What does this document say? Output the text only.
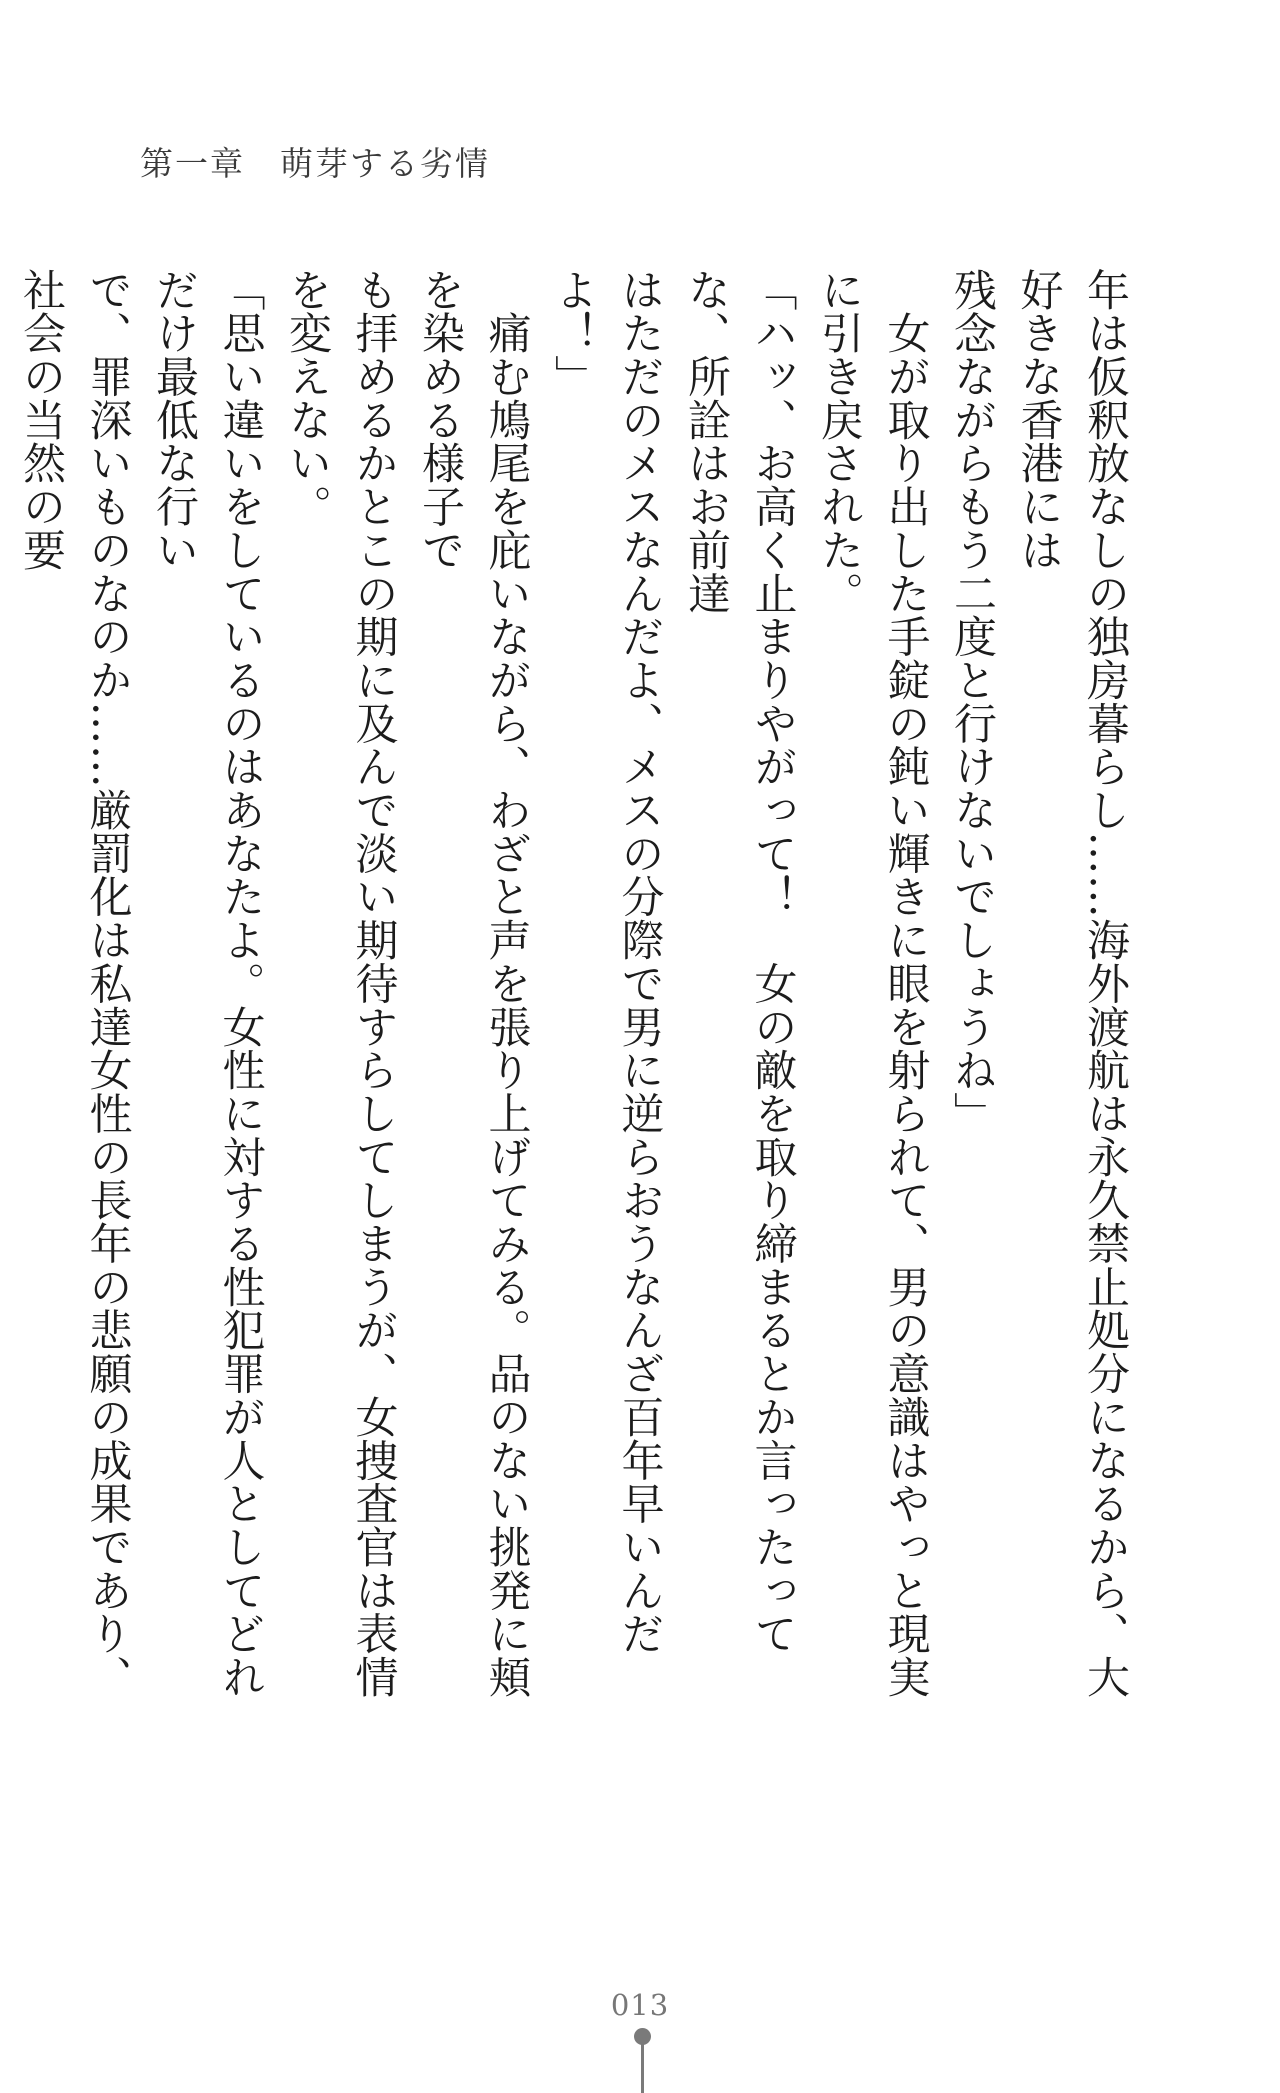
第一章　萌芽する劣情

年は仮釈放なしの独房暮らし……海外渡航は永久禁止処分になるから、大好きな香港には

残念ながらもう二度と行けないでしょうね」

　女が取り出した手錠の鈍い輝きに眼を射られて、男の意識はやっと現実に引き戻された。

「ハッ、お高く止まりやがって！　女の敵を取り締まるとか言ったってな、所詮はお前達

はただのメスなんだよ、メスの分際で男に逆らおうなんざ百年早いんだよ！」

　痛む鳩尾を庇いながら、わざと声を張り上げてみる。品のない挑発に頬を染める様子で

も拝めるかとこの期に及んで淡い期待すらしてしまうが、女捜査官は表情を変えない。

「思い違いをしているのはあなたよ。女性に対する性犯罪が人としてどれだけ最低な行い

で、罪深いものなのか……厳罰化は私達女性の長年の悲願の成果であり、社会の当然の要

013
